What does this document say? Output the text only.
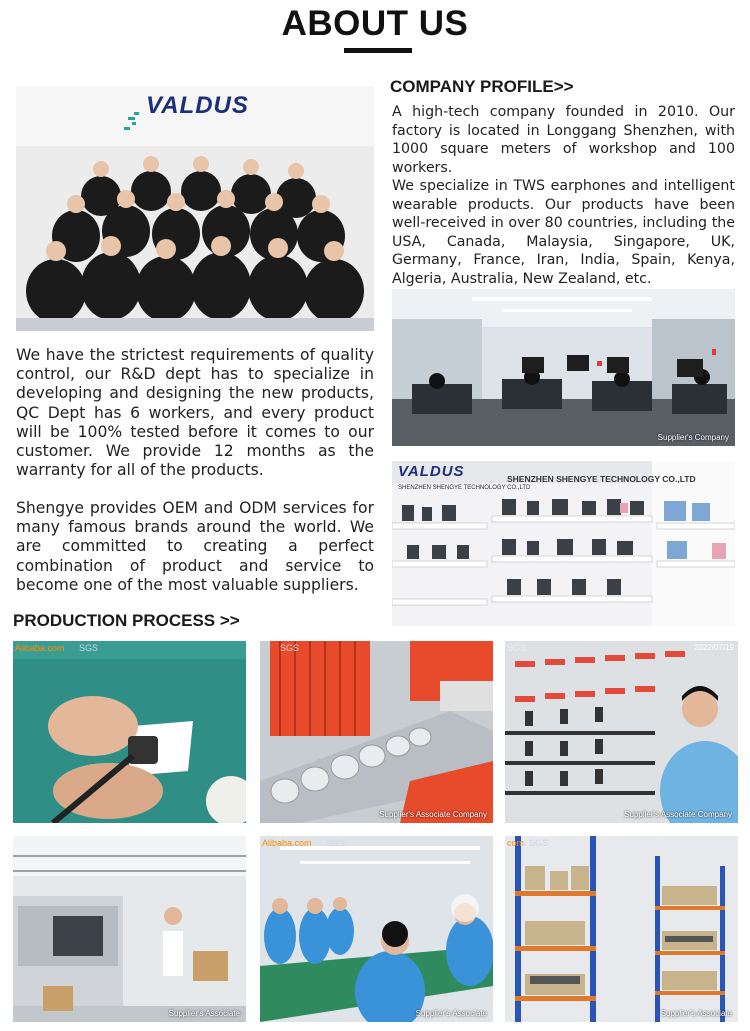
ABOUT US
VALDUS
COMPANY PROFILE>>
A high-tech company founded in 2010. Our factory is located in Longgang Shenzhen, with 1000 square meters of workshop and 100 workers.
We specialize in TWS earphones and intelligent wearable products. Our products have been well-received in over 80 countries, including the USA, Canada, Malaysia, Singapore, UK, Germany, France, Iran, India, Spain, Kenya, Algeria, Australia, New Zealand, etc.
Supplier's Company
VALDUS
SHENZHEN SHENGYE TECHNOLOGY CO.,LTD
SHENZHEN SHENGYE TECHNOLOGY CO.,LTD
We have the strictest requirements of quality control, our R&D dept has to specialize in developing and designing the new products, QC Dept has 6 workers, and every product will be 100% tested before it comes to our customer. We provide 12 months as the warranty for all of the products.
Shengye provides OEM and ODM services for many famous brands around the world. We are committed to creating a perfect combination of product and service to become one of the most valuable suppliers.
PRODUCTION PROCESS >>
Alibaba.com SGS	SGS
Supplier's Associate Company
SGS	2022/07/19
Supplier's Associate Company
Supplier's Associate
Alibaba.com SGS
Supplier's Associate
com SGS
Supplier's Associate
